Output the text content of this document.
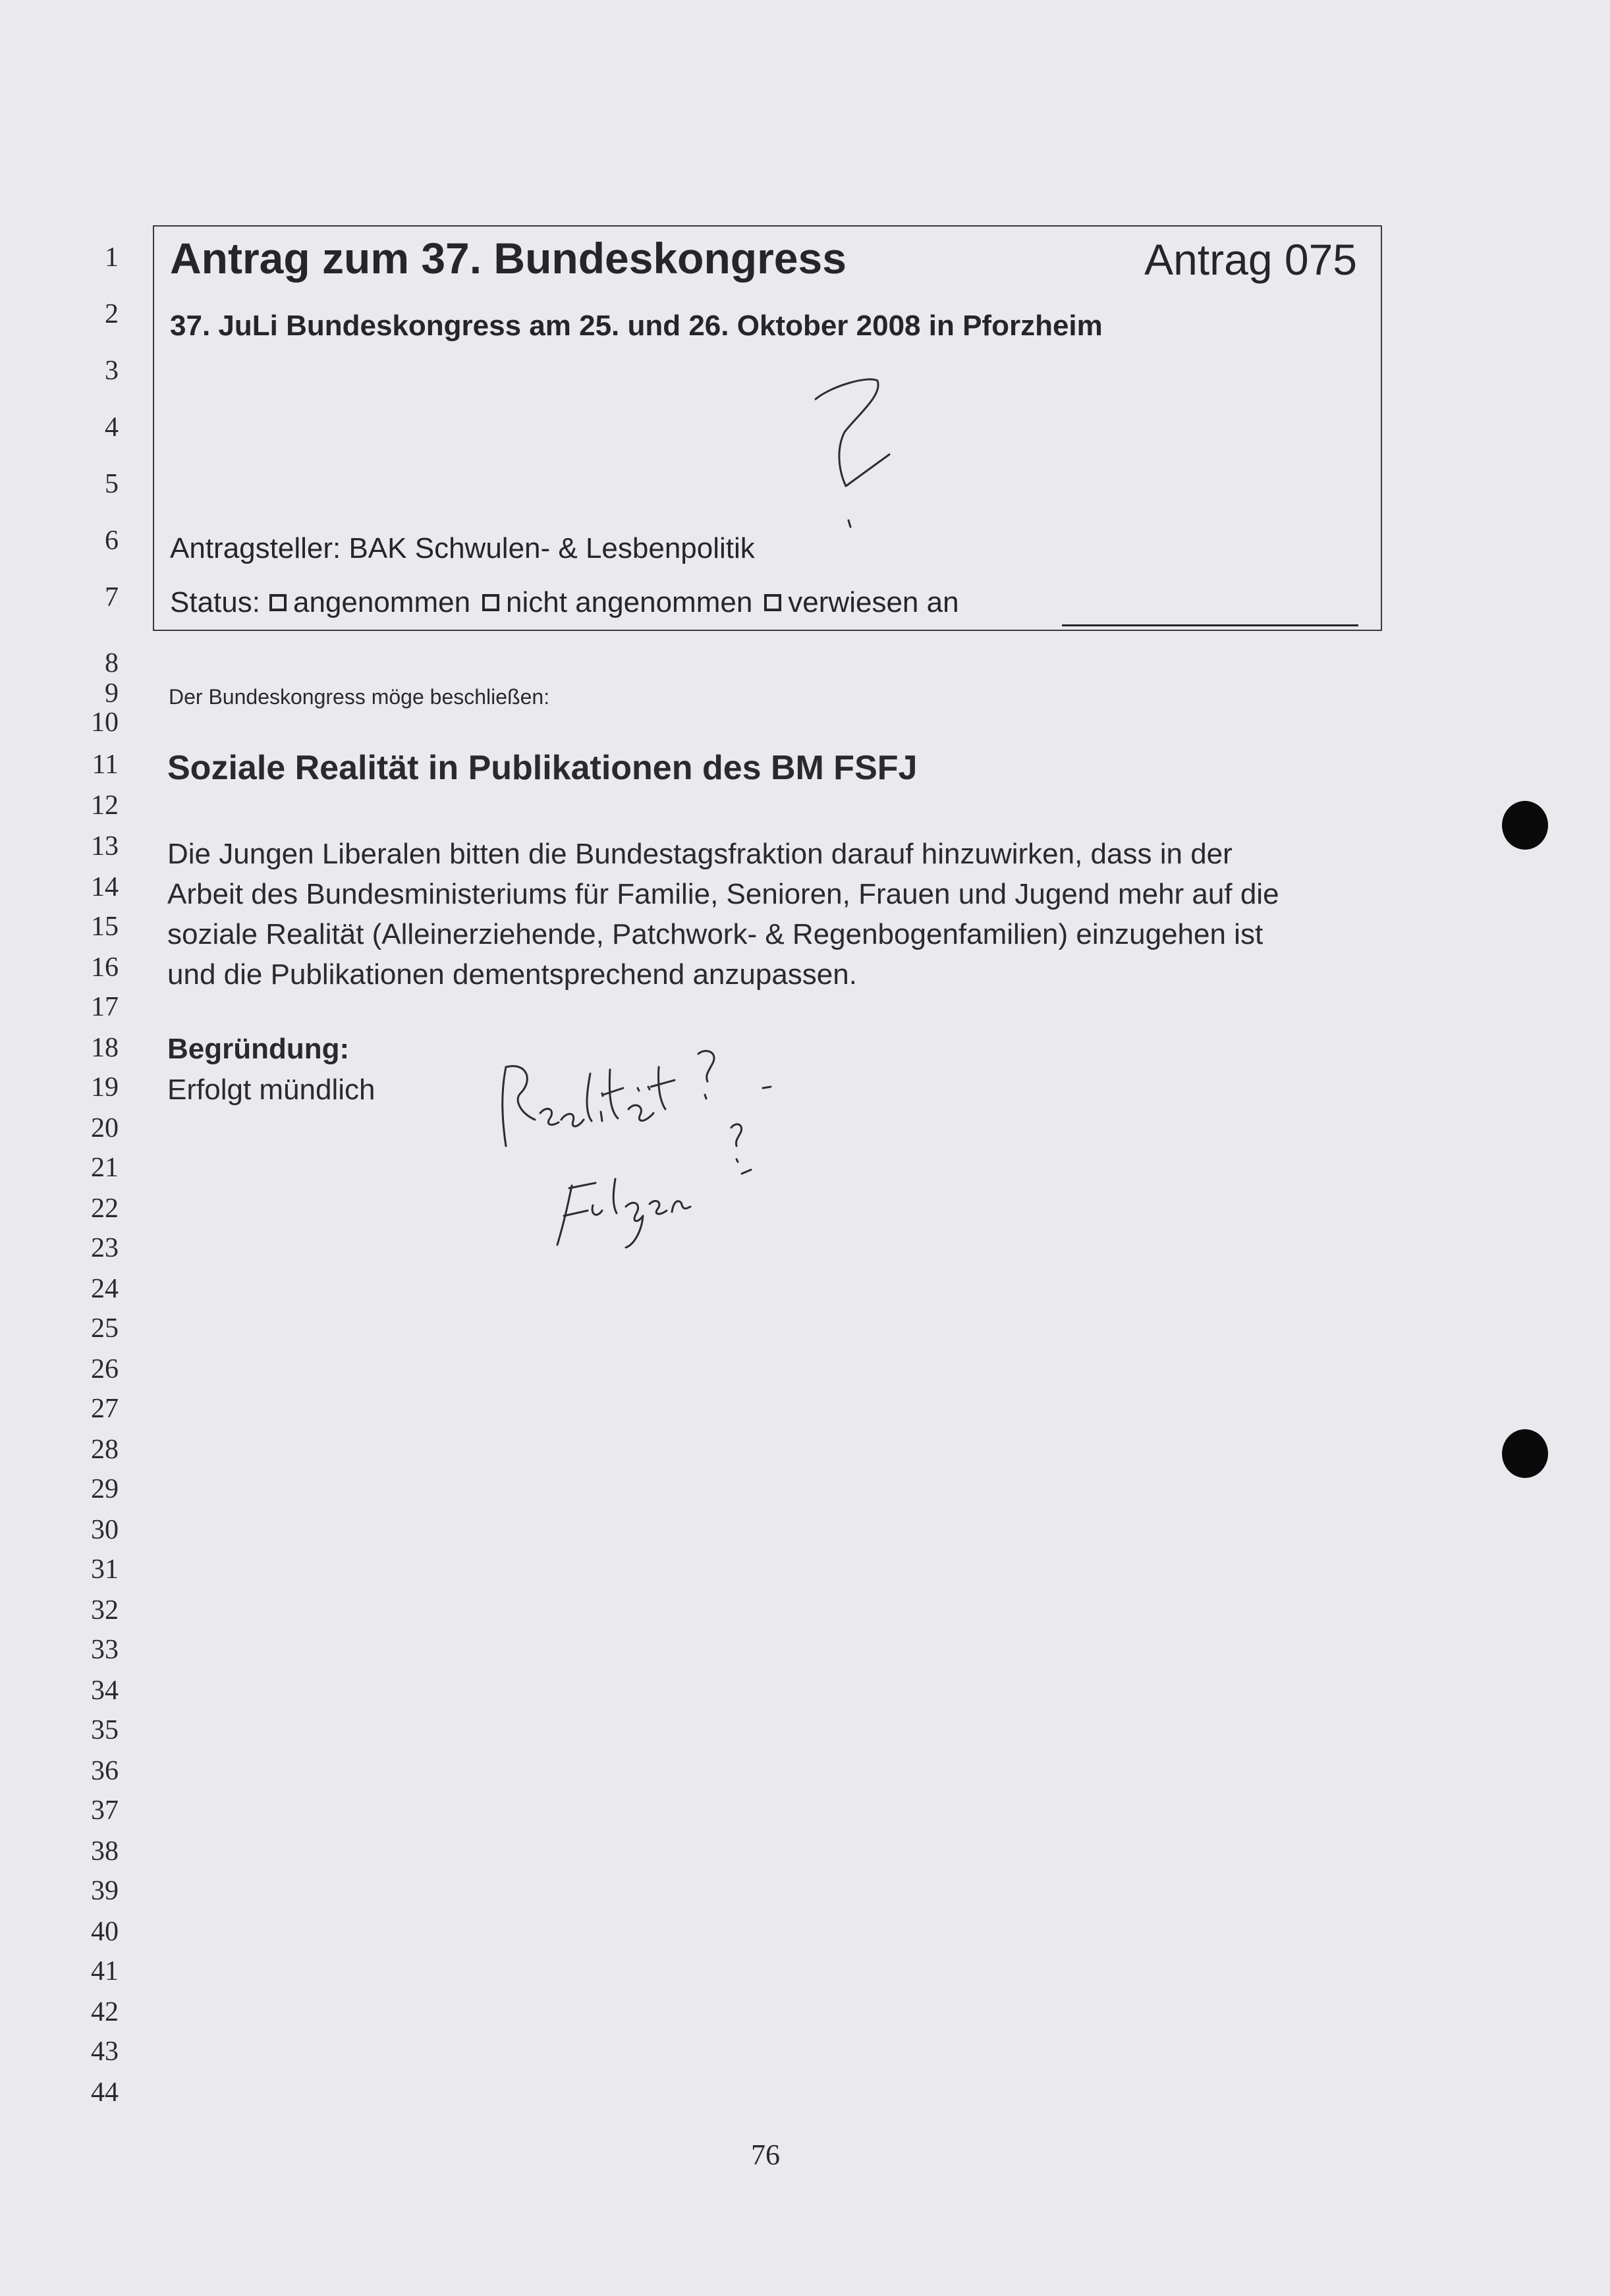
1
2
3
4
5
6
7
8
9
10
11
12
13
14
15
16
17
18
19
20
21
22
23
24
25
26
27
28
29
30
31
32
33
34
35
36
37
38
39
40
41
42
43
44
Antrag zum 37. Bundeskongress	Antrag 075
37. JuLi Bundeskongress am 25. und 26. Oktober 2008 in Pforzheim
Antragsteller: BAK Schwulen- & Lesbenpolitik
Status: angenommen nicht angenommen verwiesen an
Der Bundeskongress möge beschließen:
Soziale Realität in Publikationen des BM FSFJ
Die Jungen Liberalen bitten die Bundestagsfraktion darauf hinzuwirken, dass in der
Arbeit des Bundesministeriums für Familie, Senioren, Frauen und Jugend mehr auf die
soziale Realität (Alleinerziehende, Patchwork- & Regenbogenfamilien) einzugehen ist
und die Publikationen dementsprechend anzupassen.
Begründung:
Erfolgt mündlich
76
